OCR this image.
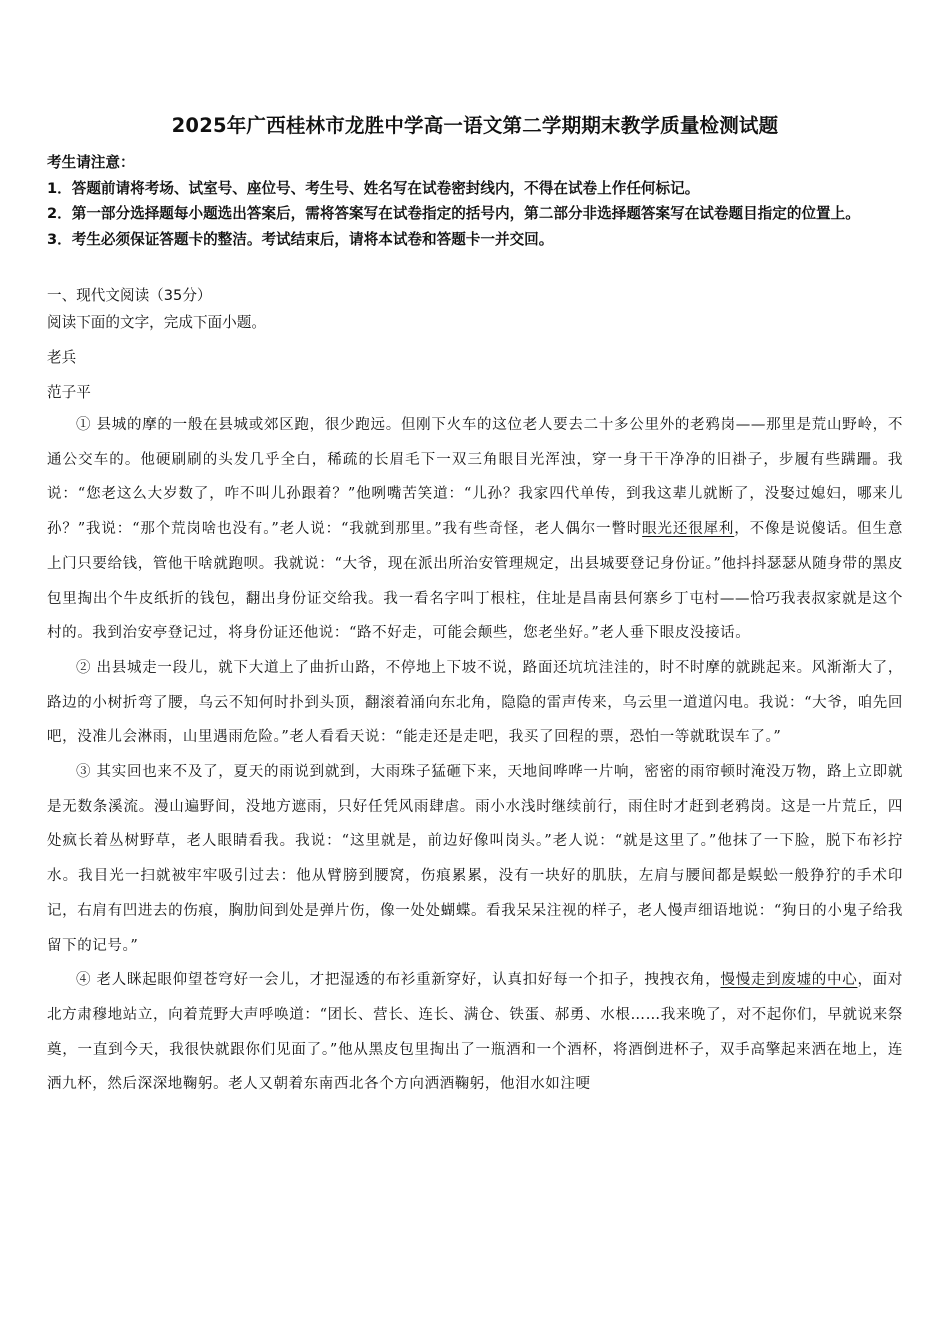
2025年广西桂林市龙胜中学高一语文第二学期期末教学质量检测试题

考生请注意：

1．答题前请将考场、试室号、座位号、考生号、姓名写在试卷密封线内，不得在试卷上作任何标记。

2．第一部分选择题每小题选出答案后，需将答案写在试卷指定的括号内，第二部分非选择题答案写在试卷题目指定的位置上。

3．考生必须保证答题卡的整洁。考试结束后，请将本试卷和答题卡一并交回。

一、现代文阅读（35分）

阅读下面的文字，完成下面小题。

老兵

范子平

① 县城的摩的一般在县城或郊区跑，很少跑远。但刚下火车的这位老人要去二十多公里外的老鸦岗——那里是荒山野岭，不通公交车的。他硬刷刷的头发几乎全白，稀疏的长眉毛下一双三角眼目光浑浊，穿一身干干净净的旧褂子，步履有些蹒跚。我说：“您老这么大岁数了，咋不叫儿孙跟着？”他咧嘴苦笑道：“儿孙？我家四代单传，到我这辈儿就断了，没娶过媳妇，哪来儿孙？”我说：“那个荒岗啥也没有。”老人说：“我就到那里。”我有些奇怪，老人偶尔一瞥时眼光还很犀利，不像是说傻话。但生意上门只要给钱，管他干啥就跑呗。我就说：“大爷，现在派出所治安管理规定，出县城要登记身份证。”他抖抖瑟瑟从随身带的黑皮包里掏出个牛皮纸折的钱包，翻出身份证交给我。我一看名字叫丁根柱，住址是昌南县何寨乡丁屯村——恰巧我表叔家就是这个村的。我到治安亭登记过，将身份证还他说：“路不好走，可能会颠些，您老坐好。”老人垂下眼皮没接话。

② 出县城走一段儿，就下大道上了曲折山路，不停地上下坡不说，路面还坑坑洼洼的，时不时摩的就跳起来。风渐渐大了，路边的小树折弯了腰，乌云不知何时扑到头顶，翻滚着涌向东北角，隐隐的雷声传来，乌云里一道道闪电。我说：“大爷，咱先回吧，没准儿会淋雨，山里遇雨危险。”老人看看天说：“能走还是走吧，我买了回程的票，恐怕一等就耽误车了。”

③ 其实回也来不及了，夏天的雨说到就到，大雨珠子猛砸下来，天地间哗哗一片响，密密的雨帘顿时淹没万物，路上立即就是无数条溪流。漫山遍野间，没地方遮雨，只好任凭风雨肆虐。雨小水浅时继续前行，雨住时才赶到老鸦岗。这是一片荒丘，四处疯长着丛树野草，老人眼睛看我。我说：“这里就是，前边好像叫岗头。”老人说：“就是这里了。”他抹了一下脸，脱下布衫拧水。我目光一扫就被牢牢吸引过去：他从臂膀到腰窝，伤痕累累，没有一块好的肌肤，左肩与腰间都是蜈蚣一般狰狞的手术印记，右肩有凹进去的伤痕，胸肋间到处是弹片伤，像一处处蝴蝶。看我呆呆注视的样子，老人慢声细语地说：“狗日的小鬼子给我留下的记号。”

④ 老人眯起眼仰望苍穹好一会儿，才把湿透的布衫重新穿好，认真扣好每一个扣子，拽拽衣角，慢慢走到废墟的中心，面对北方肃穆地站立，向着荒野大声呼唤道：“团长、营长、连长、满仓、铁蛋、郝勇、水根……我来晚了，对不起你们，早就说来祭奠，一直到今天，我很快就跟你们见面了。”他从黑皮包里掏出了一瓶酒和一个酒杯，将酒倒进杯子，双手高擎起来洒在地上，连洒九杯，然后深深地鞠躬。老人又朝着东南西北各个方向洒酒鞠躬，他泪水如注哽
